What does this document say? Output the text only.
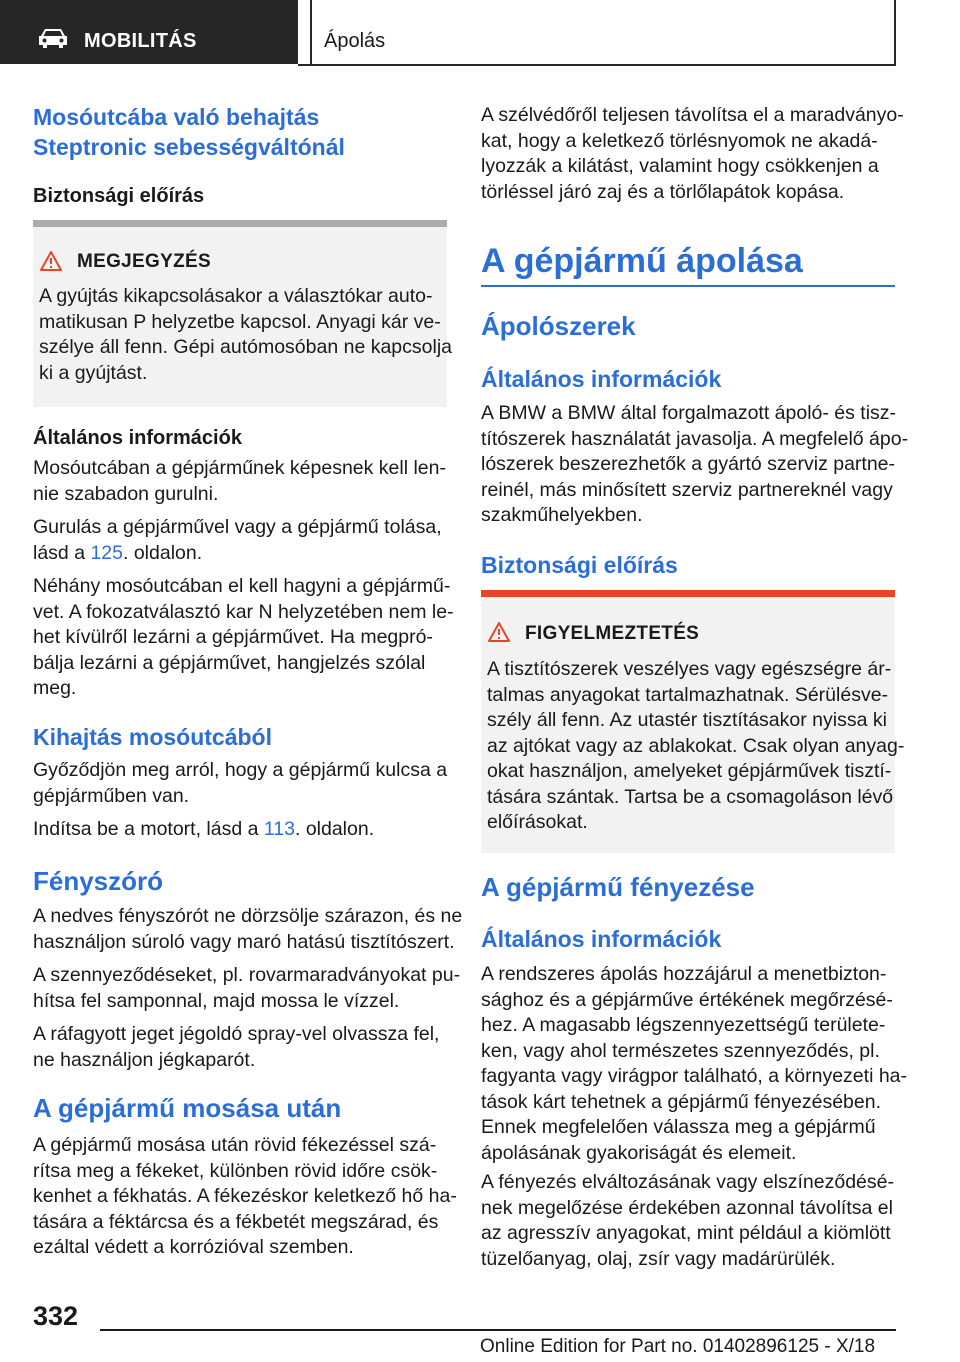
MOBILITÁS	Ápolás
Mosóutcába való behajtás
Steptronic sebességváltónál
Biztonsági előírás
MEGJEGYZÉS
A gyújtás kikapcsolásakor a választókar auto-
matikusan P helyzetbe kapcsol. Anyagi kár ve-
szélye áll fenn. Gépi autómosóban ne kapcsolja
ki a gyújtást.
Általános információk
Mosóutcában a gépjárműnek képesnek kell len-
nie szabadon gurulni.
Gurulás a gépjárművel vagy a gépjármű tolása,
lásd a 125. oldalon.
Néhány mosóutcában el kell hagyni a gépjármű-
vet. A fokozatválasztó kar N helyzetében nem le-
het kívülről lezárni a gépjárművet. Ha megpró-
bálja lezárni a gépjárművet, hangjelzés szólal
meg.
Kihajtás mosóutcából
Győződjön meg arról, hogy a gépjármű kulcsa a
gépjárműben van.
Indítsa be a motort, lásd a 113. oldalon.
Fényszóró
A nedves fényszórót ne dörzsölje szárazon, és ne
használjon súroló vagy maró hatású tisztítószert.
A szennyeződéseket, pl. rovarmaradványokat pu-
hítsa fel samponnal, majd mossa le vízzel.
A ráfagyott jeget jégoldó spray-vel olvassza fel,
ne használjon jégkaparót.
A gépjármű mosása után
A gépjármű mosása után rövid fékezéssel szá-
rítsa meg a fékeket, különben rövid időre csök-
kenhet a fékhatás. A fékezéskor keletkező hő ha-
tására a féktárcsa és a fékbetét megszárad, és
ezáltal védett a korrózióval szemben.
A szélvédőről teljesen távolítsa el a maradványo-
kat, hogy a keletkező törlésnyomok ne akadá-
lyozzák a kilátást, valamint hogy csökkenjen a
törléssel járó zaj és a törlőlapátok kopása.
A gépjármű ápolása
Ápolószerek
Általános információk
A BMW a BMW által forgalmazott ápoló- és tisz-
títószerek használatát javasolja. A megfelelő ápo-
lószerek beszerezhetők a gyártó szerviz partne-
reinél, más minősített szerviz partnereknél vagy
szakműhelyekben.
Biztonsági előírás
FIGYELMEZTETÉS
A tisztítószerek veszélyes vagy egészségre ár-
talmas anyagokat tartalmazhatnak. Sérülésve-
szély áll fenn. Az utastér tisztításakor nyissa ki
az ajtókat vagy az ablakokat. Csak olyan anyag-
okat használjon, amelyeket gépjárművek tisztí-
tására szántak. Tartsa be a csomagoláson lévő
előírásokat.
A gépjármű fényezése
Általános információk
A rendszeres ápolás hozzájárul a menetbizton-
sághoz és a gépjárműve értékének megőrzésé-
hez. A magasabb légszennyezettségű területe-
ken, vagy ahol természetes szennyeződés, pl.
fagyanta vagy virágpor található, a környezeti ha-
tások kárt tehetnek a gépjármű fényezésében.
Ennek megfelelően válassza meg a gépjármű
ápolásának gyakoriságát és elemeit.
A fényezés elváltozásának vagy elszíneződésé-
nek megelőzése érdekében azonnal távolítsa el
az agresszív anyagokat, mint például a kiömlött
tüzelőanyag, olaj, zsír vagy madárürülék.
332
Online Edition for Part no. 01402896125 - X/18
